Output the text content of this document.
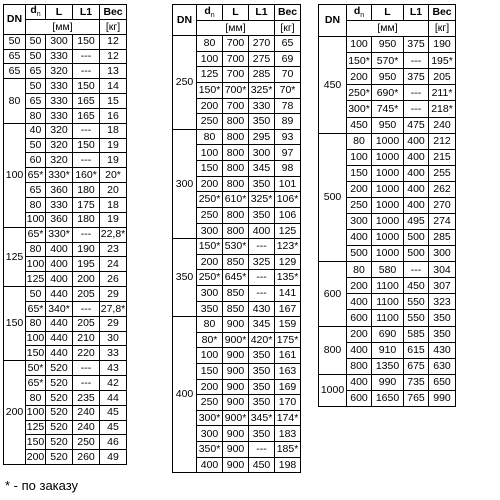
DN	$d_n$	L	L1	Вес
	[мм]			[кг]
50	50	300	150	12
65	50	330	---	12
65	65	320	---	13
80	50	330	150	14
	65	330	165	15
	80	330	165	16
100	40	320	---	18
	50	320	150	19
	60	320	---	19
	65*	330*	160*	20*
	65	360	180	20
	80	330	175	18
	100	360	180	19
125	65*	330*	---	22,8*
	80	400	190	23
	100	400	195	24
	125	400	200	26
150	50	440	205	29
	65*	340*	---	27,8*
	80	440	205	29
	100	440	210	30
	150	440	220	33
200	50*	520	---	43
	65*	520	---	42
	80	520	235	44
	100	520	240	45
	125	520	240	45
	150	520	250	46
	200	520	260	49
DN	$d_n$	L	L1	Вес
	[мм]			[кг]
250	80	700	270	65
	100	700	275	69
	125	700	285	70
	150*	700*	325*	70*
	200	700	330	78
	250	800	350	89
300	80	800	295	93
	100	800	300	97
	150	800	345	98
	200	800	350	101
	250*	610*	325*	106*
	250	800	350	106
	300	800	400	125
350	150*	530*	---	123*
	200	850	325	129
	250*	645*	---	135*
	300	850	---	141
	350	850	430	167
400	80	900	345	159
	80*	900*	420*	175*
	100	900	350	161
	150	900	350	163
	200	900	350	169
	250	900	350	170
	300*	900*	345*	174*
	300	900	350	183
	350*	900	---	185*
	400	900	450	198
DN	$d_n$	L	L1	Вес
	[мм]			[кг]
450	100	950	375	190
	150*	570*	---	195*
	200	950	375	205
	250*	690*	---	211*
	300*	745*	---	218*
	450	950	475	240
500	80	1000	400	212
	100	1000	400	215
	150	1000	400	255
	200	1000	400	262
	250	1000	400	270
	300	1000	495	274
	400	1000	500	285
	500	1000	500	300
600	80	580	---	304
	200	1100	450	307
	400	1100	550	323
	600	1100	550	350
800	200	690	585	350
	400	910	615	430
	800	1350	675	630
1000	400	990	735	650
	600	1650	765	990
* - по заказу
